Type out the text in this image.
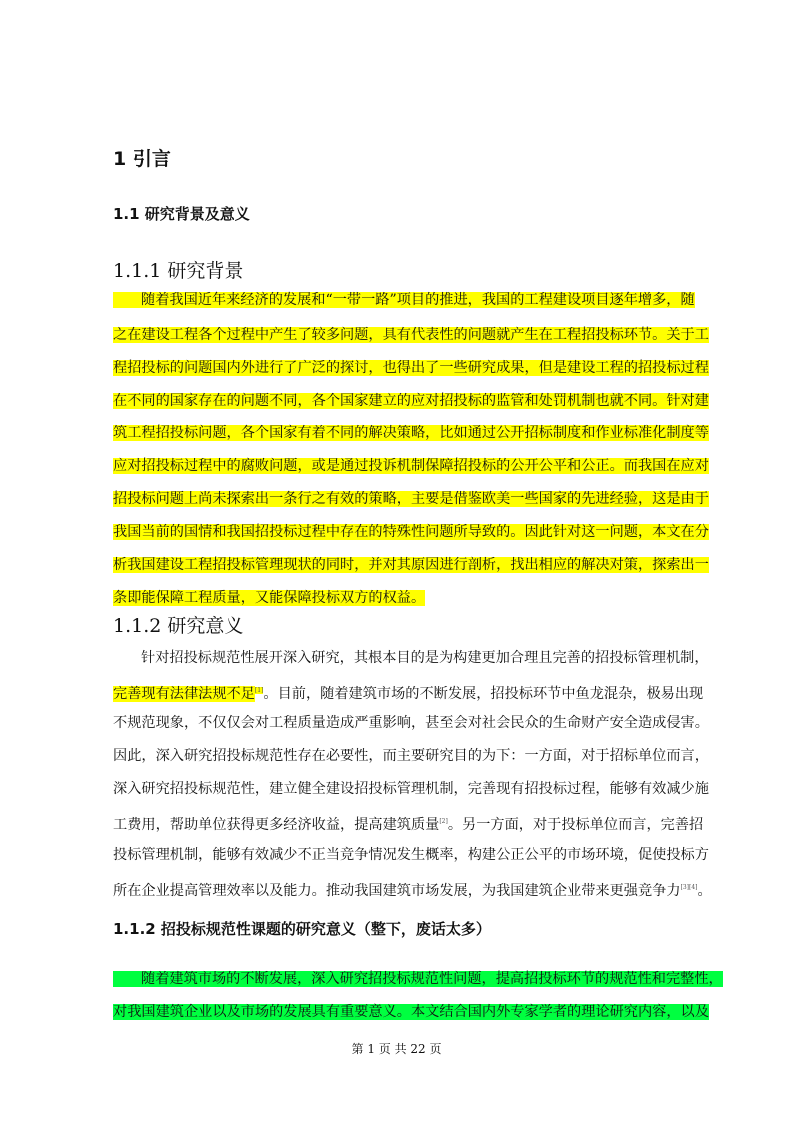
1 引言
1.1 研究背景及意义
1.1.1 研究背景
随着我国近年来经济的发展和“一带一路”项目的推进，我国的工程建设项目逐年增多，随
之在建设工程各个过程中产生了较多问题，具有代表性的问题就产生在工程招投标环节。关于工
程招投标的问题国内外进行了广泛的探讨，也得出了一些研究成果，但是建设工程的招投标过程
在不同的国家存在的问题不同，各个国家建立的应对招投标的监管和处罚机制也就不同。针对建
筑工程招投标问题，各个国家有着不同的解决策略，比如通过公开招标制度和作业标准化制度等
应对招投标过程中的腐败问题，或是通过投诉机制保障招投标的公开公平和公正。而我国在应对
招投标问题上尚未探索出一条行之有效的策略，主要是借鉴欧美一些国家的先进经验，这是由于
我国当前的国情和我国招投标过程中存在的特殊性问题所导致的。因此针对这一问题，本文在分
析我国建设工程招投标管理现状的同时，并对其原因进行剖析，找出相应的解决对策，探索出一
条即能保障工程质量，又能保障投标双方的权益。
1.1.2 研究意义
针对招投标规范性展开深入研究，其根本目的是为构建更加合理且完善的招投标管理机制，
完善现有法律法规不足[1]。目前，随着建筑市场的不断发展，招投标环节中鱼龙混杂，极易出现
不规范现象，不仅仅会对工程质量造成严重影响，甚至会对社会民众的生命财产安全造成侵害。
因此，深入研究招投标规范性存在必要性，而主要研究目的为下：一方面，对于招标单位而言，
深入研究招投标规范性，建立健全建设招投标管理机制，完善现有招投标过程，能够有效减少施
工费用，帮助单位获得更多经济收益，提高建筑质量[2]。另一方面，对于投标单位而言，完善招
投标管理机制，能够有效减少不正当竞争情况发生概率，构建公正公平的市场环境，促使投标方
所在企业提高管理效率以及能力。推动我国建筑市场发展，为我国建筑企业带来更强竞争力[3][4]。
1.1.2 招投标规范性课题的研究意义（整下，废话太多）
随着建筑市场的不断发展，深入研究招投标规范性问题，提高招投标环节的规范性和完整性，
对我国建筑企业以及市场的发展具有重要意义。本文结合国内外专家学者的理论研究内容，以及
第 1 页 共 22 页
